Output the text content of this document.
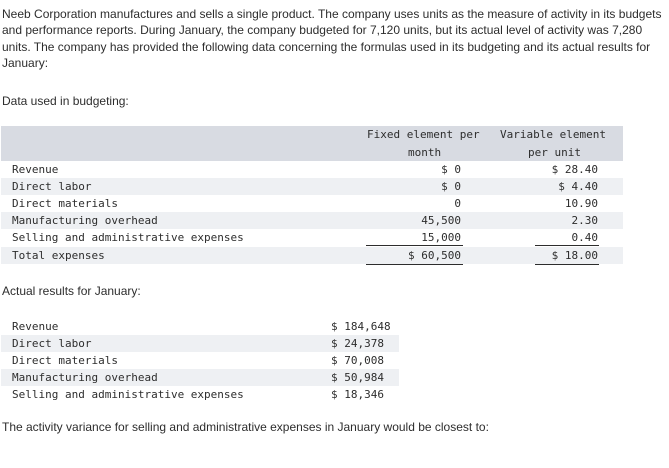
Neeb Corporation manufactures and sells a single product. The company uses units as the measure of activity in its budgets and performance reports. During January, the company budgeted for 7,120 units, but its actual level of activity was 7,280 units. The company has provided the following data concerning the formulas used in its budgeting and its actual results for January:
Data used in budgeting:
Fixed element per
month
Variable element
per unit
Revenue	$ 0	$ 28.40
Direct labor	$ 0	$ 4.40
Direct materials	0	10.90
Manufacturing overhead	45,500	2.30
Selling and administrative expenses	15,000	0.40
Total expenses	$ 60,500	$ 18.00
Actual results for January:
Revenue	$ 184,648
Direct labor	$ 24,378
Direct materials	$ 70,008
Manufacturing overhead	$ 50,984
Selling and administrative expenses	$ 18,346
The activity variance for selling and administrative expenses in January would be closest to:
